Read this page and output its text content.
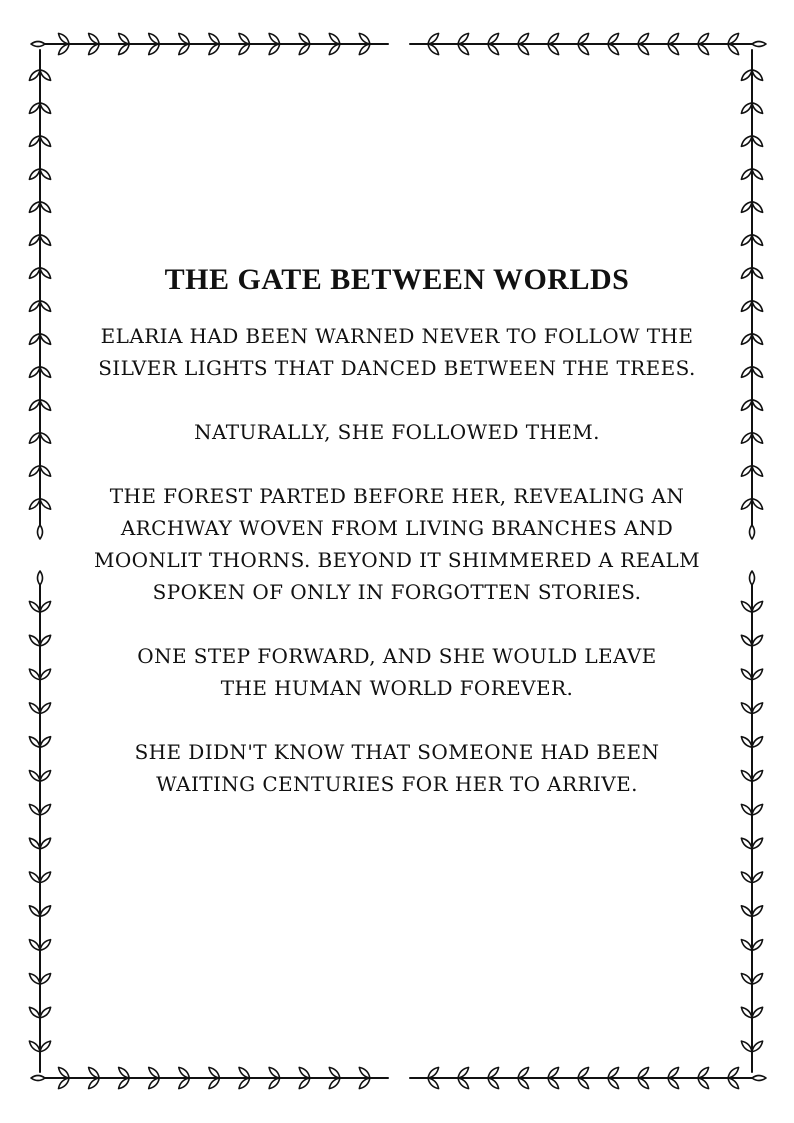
THE GATE BETWEEN WORLDS

ELARIA HAD BEEN WARNED NEVER TO FOLLOW THE SILVER LIGHTS THAT DANCED BETWEEN THE TREES.

NATURALLY, SHE FOLLOWED THEM.

THE FOREST PARTED BEFORE HER, REVEALING AN ARCHWAY WOVEN FROM LIVING BRANCHES AND MOONLIT THORNS. BEYOND IT SHIMMERED A REALM SPOKEN OF ONLY IN FORGOTTEN STORIES.

ONE STEP FORWARD, AND SHE WOULD LEAVE THE HUMAN WORLD FOREVER.

SHE DIDN'T KNOW THAT SOMEONE HAD BEEN WAITING CENTURIES FOR HER TO ARRIVE.
